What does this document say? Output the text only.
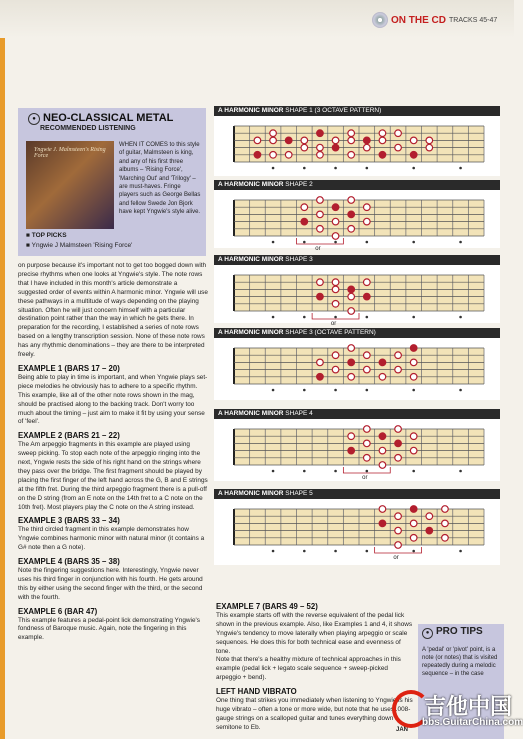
ON THE CD TRACKS 45-47
● NEO-CLASSICAL METAL
RECOMMENDED LISTENING
Yngwie J. Malmsteen's Rising Force
WHEN IT COMES to this style of guitar, Malmsteen is king, and any of his first three albums – 'Rising Force', 'Marching Out' and 'Trilogy' – are must-haves. Fringe players such as George Bellas and fellow Swede Jon Bjork have kept Yngwie's style alive.
■ TOP PICKS
■ Yngwie J Malmsteen 'Rising Force'

on purpose because it's important not to get too bogged down with precise rhythms when one looks at Yngwie's style. The note rows that I have included in this month's article demonstrate a suggested order of events within A harmonic minor. Yngwie will use these pathways in a multitude of ways depending on the playing situation. Often he will just concern himself with a particular destination point rather than the way in which he gets there. In preparation for the recording, I established a series of note rows based on a lengthy transcription session. None of these note rows has any rhythmic denominations – they are there to be interpreted freely.

EXAMPLE 1 (BARS 17 – 20)

Being able to play in time is important, and when Yngwie plays set-piece melodies he obviously has to adhere to a specific rhythm. This example, like all of the other note rows shown in the mag, should be practised along to the backing track. Don't worry too much about the timing – just aim to make it fit by using your sense of 'feel'.

EXAMPLE 2 (BARS 21 – 22)

The Am arpeggio fragments in this example are played using sweep picking. To stop each note of the arpeggio ringing into the next, Yngwie rests the side of his right hand on the strings where they pass over the bridge. The first fragment should be played by placing the first finger of the left hand across the G, B and E strings at the fifth fret. During the third arpeggio fragment there is a pull-off on the D string (from an E note on the 14th fret to a C note on the 10th fret). Most players play the C note on the A string instead.

EXAMPLE 3 (BARS 33 – 34)

The third circled fragment in this example demonstrates how Yngwie combines harmonic minor with natural minor (it contains a G# note then a G note).

EXAMPLE 4 (BARS 35 – 38)

Note the fingering suggestions here. Interestingly, Yngwie never uses his third finger in conjunction with his fourth. He gets around this by either using the second finger with the third, or the second with the fourth.

EXAMPLE 6 (BAR 47)

This example features a pedal-point lick demonstrating Yngwie's fondness of Baroque music. Again, note the fingering in this example.

EXAMPLE 7 (BARS 49 – 52)

This example starts off with the reverse equivalent of the pedal lick shown in the previous example. Also, like Examples 1 and 4, it shows Yngwie's tendency to move laterally when playing arpeggio or scale sequences. He does this for both technical ease and evenness of tone.

Note that there's a healthy mixture of technical approaches in this example (pedal lick + legato scale sequence + sweep-picked arpeggio + bend).

LEFT HAND VIBRATO

One thing that strikes you immediately when listening to Yngwie is his huge vibrato – often a tone or more wide, but note that he uses .008-gauge strings on a scalloped guitar and tunes everything down a semitone to Eb.

A HARMONIC MINOR SHAPE 1 (3 OCTAVE PATTERN)
A HARMONIC MINOR SHAPE 2
or
A HARMONIC MINOR SHAPE 3
or
A HARMONIC MINOR SHAPE 3 (OCTAVE PATTERN)
A HARMONIC MINOR SHAPE 4
or
A HARMONIC MINOR SHAPE 5
or
● PRO TIPS
A 'pedal' or 'pivot' point, is a note (or notes) that is visited repeatedly during a melodic sequence – in the case
JAN
吉他中国
bbs.GuitarChina.com
